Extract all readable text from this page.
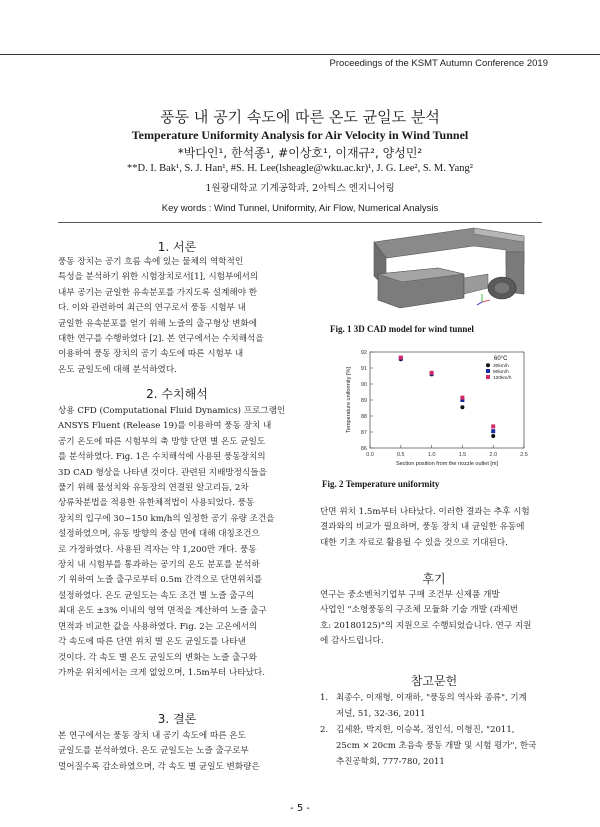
Proceedings of the KSMT Autumn Conference 2019
풍동 내 공기 속도에 따른 온도 균일도 분석
Temperature Uniformity Analysis for Air Velocity in Wind Tunnel
*박다인¹, 한석종¹, #이상호¹, 이재규², 양성민²
**D. I. Bak¹, S. J. Han¹, #S. H. Lee(lsheagle@wku.ac.kr)¹, J. G. Lee², S. M. Yang²
1원광대학교 기계공학과, 2아틱스 엔지니어링
Key words : Wind Tunnel, Uniformity, Air Flow, Numerical Analysis
1. 서론
풍동 장치는 공기 흐름 속에 있는 물체의 역학적인
특성을 분석하기 위한 시험장치로서[1], 시험부에서의
내부 공기는 균일한 유속분포를 가지도록 설계해야 한
다. 이와 관련하여 최근의 연구로서 풍동 시험부 내
균일한 유속분포를 얻기 위해 노즐의 출구형상 변화에
대한 연구를 수행하였다 [2]. 본 연구에서는 수치해석을
이용하여 풍동 장치의 공기 속도에 따른 시험부 내
온도 균일도에 대해 분석하였다.
2. 수치해석
상용 CFD (Computational Fluid Dynamics) 프로그램인
ANSYS Fluent (Release 19)를 이용하여 풍동 장치 내
공기 온도에 따른 시험부의 축 방향 단면 별 온도 균일도
를 분석하였다. Fig. 1은 수치해석에 사용된 풍동장치의
3D CAD 형상을 나타낸 것이다. 관련된 지배방정식들을
풀기 위해 물성치와 유동장의 연결된 알고리듬, 2차
상류차분법을 적용한 유한체적법이 사용되었다. 풍동
장치의 입구에 30~150 km/h의 일정한 공기 유량 조건을
설정하였으며, 유동 방향의 중심 면에 대해 대칭조건으
로 가정하였다. 사용된 격자는 약 1,200만 개다. 풍동
장치 내 시험부를 통과하는 공기의 온도 분포를 분석하
기 위하여 노즐 출구로부터 0.5m 간격으로 단면위치를
설정하였다. 온도 균일도는 속도 조건 별 노즐 출구의
최대 온도 ±3% 이내의 영역 면적을 계산하여 노즐 출구
면적과 비교한 값을 사용하였다. Fig. 2는 고온에서의
각 속도에 따른 단면 위치 별 온도 균일도를 나타낸
것이다. 각 속도 별 온도 균일도의 변화는 노즐 출구와
가까운 위치에서는 크게 없었으며, 1.5m부터 나타났다.
3. 결론
본 연구에서는 풍동 장치 내 공기 속도에 따른 온도
균일도를 분석하였다. 온도 균일도는 노즐 출구로부
멀어질수록 감소하였으며, 각 속도 별 균일도 변화량은
Fig. 1 3D CAD model for wind tunnel
0.0	0.5	1.0	1.5	2.0	2.5
86
87
88
89
90
91
92
Section position from the nozzle outlet [m]
Temperature uniformity [%]
60°C
30km/h
90km/h
120km/h
Fig. 2 Temperature uniformity
단면 위치 1.5m부터 나타났다. 이러한 결과는 추후 시험
결과와의 비교가 필요하며, 풍동 장치 내 균일한 유동에
대한 기초 자료로 활용될 수 있을 것으로 기대된다.
후기
연구는 중소벤처기업부 구매 조건부 신제품 개발
사업인 "소형풍동의 구조체 모듈화 기술 개발 (과제번
호: 20180125)"의 지원으로 수행되었습니다. 연구 지원
에 감사드립니다.
참고문헌
1. 최종수, 이재형, 이재하, "풍동의 역사와 종류", 기계
저널, 51, 32-36, 2011
2. 김세환, 박지헌, 이승복, 정인석, 이형진, "2011,
25cm × 20cm 초음속 풍동 개발 및 시험 평가", 한국
추진공학회, 777-780, 2011
- 5 -
